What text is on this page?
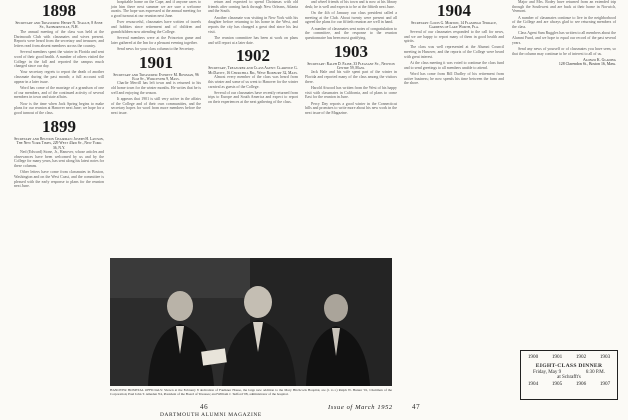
1898
Secretary and Treasurer: Henry N. Teague, 8 Anne St., Sanbornville, N.H.

The annual meeting of the class was held at the Dartmouth Club with classmates and wives present. Reports were heard from the secretary and treasurer, and letters read from absent members across the country.

Several members spent the winter in Florida and sent word of their good health. A number of others visited the College in the fall and reported the campus much changed since our day.

Your secretary regrets to report the death of another classmate during the past month; a full account will appear in a later issue.

Word has come of the marriage of a grandson of one of our members, and of the continued activity of several members in town and state affairs.

Now is the time when Jack Spring begins to make plans for our reunion at Hanover next June; we hope for a good turnout of the class.

1899
Secretary and Reunion Chairman: Joseph H. Lawson, The New York Times, 229 West 43rd St., New York 36, N.Y.

Ned (Edward) Stone, Jr., Hanover, whose articles and observances have been welcomed by us and by the College for many years, has sent along his latest notes for these columns.

Other letters have come from classmates in Boston, Washington and on the West Coast, and the committee is pleased with the early response to plans for the reunion next June.

hospitable home on the Cape, and if anyone cares to join him there next summer we are sure a welcome awaits. The hope was expressed at the annual meeting for a good turnout at our reunion next June.

Ever resourceful, classmates have written of travels and hobbies since retirement and of children and grandchildren now attending the College.

Several members were at the Princeton game and later gathered at the Inn for a pleasant evening together.

Send news for your class column to the Secretary.

1901
Secretary and Treasurer: Everett M. Bowman, 96 Elm St., Worcester 9, Mass.

Charlie Merrill has left town and is returned to his old home town for the winter months. He writes that he is well and enjoying the season.

It appears that 1901 is still very active in the affairs of the College and of their own communities, and the secretary hopes for word from more members before the next issue.

return and expected to spend Christmas with old friends after coming back through New Orleans, Atlanta and the South.

Another classmate was visiting in New York with his daughter before returning to his home in the West, and reports the city has changed a great deal since his last visit.

The reunion committee has been at work on plans and will report at a later date.

1902
Secretary, Treasurer and Class Agent: Clarence G. McDavitt, 16 Churchill Rd., West Roxbury 32, Mass.

Almost every member of the class was heard from this winter and some of us went to Hanover for the winter carnival as guests of the College.

Several of our classmates have recently returned from trips to Europe and South America and expect to report on their experiences at the next gathering of the class.

and wheel friends of his town and is now at his library desk; he is well and expects to be at the fiftieth next June.

On the 4th of January our class president called a meeting at the Club. About twenty were present and all agreed the plans for our fiftieth reunion are well in hand.

A number of classmates sent notes of congratulation to the committee, and the response to the reunion questionnaire has been most gratifying.

1903
Secretary: Ralph D. Paine, 33 Pleasant St., Newton Centre 59, Mass.

Jack Hale and his wife spent part of the winter in Florida and reported many of the class among the visitors there.

Harold Atwood has written from the West of his happy visit with classmates in California, and of plans to come East for the reunion in June.

Percy Day reports a good winter in the Connecticut hills and promises to write more about his new work in the next issue of the Magazine.

1904
Secretary: Louis G. Morton, 14 Flamingo Terrace, Gardens of Lake Worth, Fla.

Several of our classmates responded to the call for news, and we are happy to report many of them in good health and spirits.

The class was well represented at the Alumni Council meeting in Hanover, and the reports of the College were heard with great interest.

At the class meeting it was voted to continue the class fund and to send greetings to all members unable to attend.

Word has come from Bill Dudley of his retirement from active business; he now spends his time between the farm and the shore.

Major and Mrs. Rodey have returned from an extended trip through the Southwest and are back at their home in Norwich, Vermont.

A number of classmates continue to live in the neighborhood of the College and are always glad to see returning members of the class.

Class Agent Sam Ruggles has written to all members about the Alumni Fund, and we hope to equal our record of the past several years.

Send any news of yourself or of classmates you have seen, so that the column may continue to be of interest to all of us.

Alonzo K. Glading
128 Clarendon St., Boston 16, Mass.
HANOVER HOSPITAL OFFICIALS: Shown at the February 8 dedication of Faulkner House, the large new addition to the Mary Hitchcock Hospital, are (l. to r.) Ralph W. Hunter '01, Chairman of the Corporation; Paul John T. Ameden '04, President of the Board of Trustees; and William J. Tedford '08, administrator of the hospital.
1900	1901	1902	1903
EIGHT-CLASS DINNER
Friday, May 9	6:30 P.M.
at Schrafft's
1904	1905	1906	1907
46
DARTMOUTH ALUMNI MAGAZINE
Issue of March 1952	47
